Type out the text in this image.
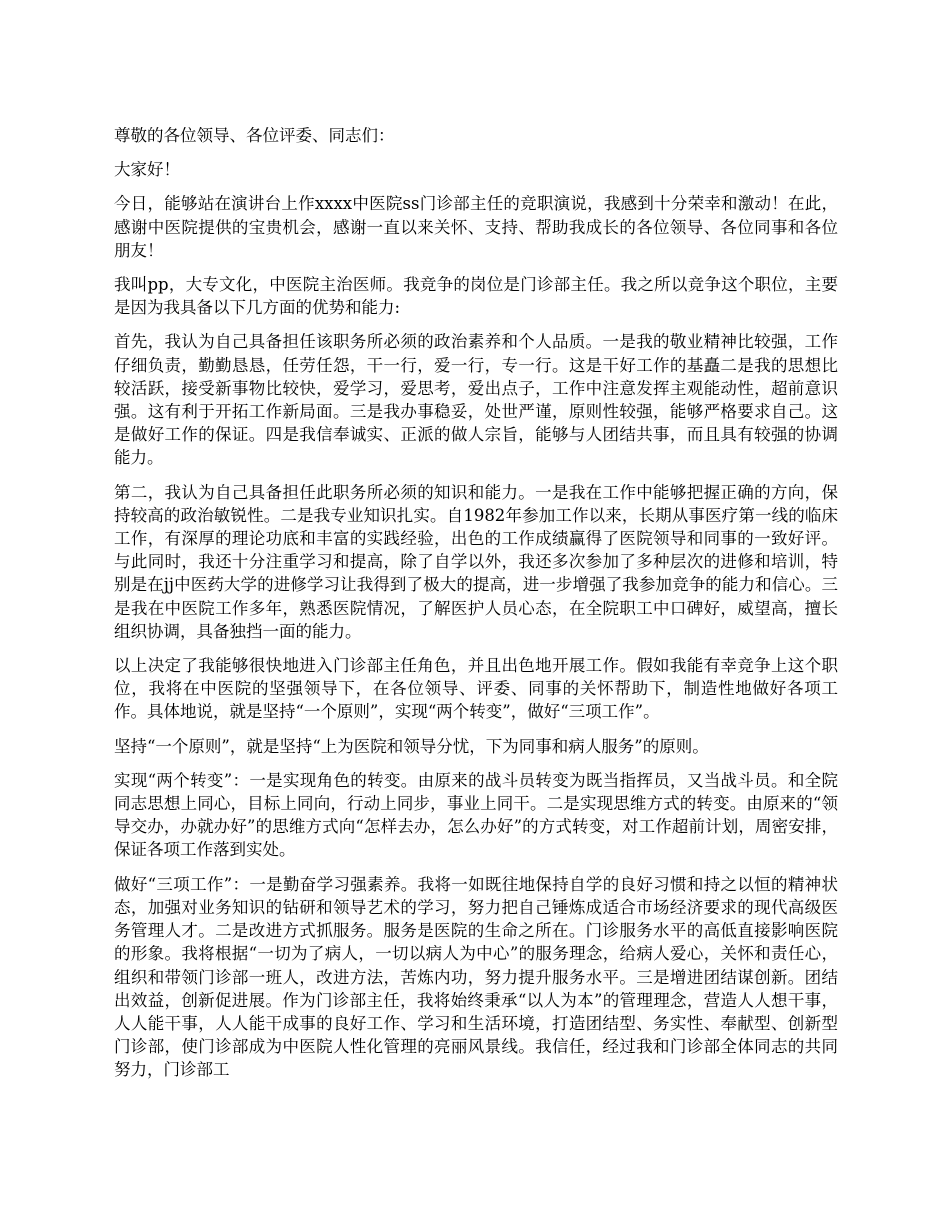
尊敬的各位领导、各位评委、同志们：

大家好！

今日，能够站在演讲台上作xxxx中医院ss门诊部主任的竞职演说，我感到十分荣幸和激动！在此，感谢中医院提供的宝贵机会，感谢一直以来关怀、支持、帮助我成长的各位领导、各位同事和各位朋友！

我叫pp，大专文化，中医院主治医师。我竞争的岗位是门诊部主任。我之所以竞争这个职位，主要是因为我具备以下几方面的优势和能力:

首先，我认为自己具备担任该职务所必须的政治素养和个人品质。一是我的敬业精神比较强，工作仔细负责，勤勤恳恳，任劳任怨，干一行，爱一行，专一行。这是干好工作的基矗二是我的思想比较活跃，接受新事物比较快，爱学习，爱思考，爱出点子，工作中注意发挥主观能动性，超前意识强。这有利于开拓工作新局面。三是我办事稳妥，处世严谨，原则性较强，能够严格要求自己。这是做好工作的保证。四是我信奉诚实、正派的做人宗旨，能够与人团结共事，而且具有较强的协调能力。

第二，我认为自己具备担任此职务所必须的知识和能力。一是我在工作中能够把握正确的方向，保持较高的政治敏锐性。二是我专业知识扎实。自1982年参加工作以来，长期从事医疗第一线的临床工作，有深厚的理论功底和丰富的实践经验，出色的工作成绩赢得了医院领导和同事的一致好评。与此同时，我还十分注重学习和提高，除了自学以外，我还多次参加了多种层次的进修和培训，特别是在jj中医药大学的进修学习让我得到了极大的提高，进一步增强了我参加竞争的能力和信心。三是我在中医院工作多年，熟悉医院情况，了解医护人员心态，在全院职工中口碑好，威望高，擅长组织协调，具备独挡一面的能力。

以上决定了我能够很快地进入门诊部主任角色，并且出色地开展工作。假如我能有幸竞争上这个职位，我将在中医院的坚强领导下，在各位领导、评委、同事的关怀帮助下，制造性地做好各项工作。具体地说，就是坚持“一个原则”，实现“两个转变”，做好“三项工作”。

坚持“一个原则”，就是坚持“上为医院和领导分忧，下为同事和病人服务”的原则。

实现“两个转变”：一是实现角色的转变。由原来的战斗员转变为既当指挥员，又当战斗员。和全院同志思想上同心，目标上同向，行动上同步，事业上同干。二是实现思维方式的转变。由原来的“领导交办，办就办好”的思维方式向“怎样去办，怎么办好”的方式转变，对工作超前计划，周密安排，保证各项工作落到实处。

做好“三项工作”：一是勤奋学习强素养。我将一如既往地保持自学的良好习惯和持之以恒的精神状态，加强对业务知识的钻研和领导艺术的学习，努力把自己锤炼成适合市场经济要求的现代高级医务管理人才。二是改进方式抓服务。服务是医院的生命之所在。门诊服务水平的高低直接影响医院的形象。我将根据“一切为了病人，一切以病人为中心”的服务理念，给病人爱心，关怀和责任心，组织和带领门诊部一班人，改进方法，苦炼内功，努力提升服务水平。三是增进团结谋创新。团结出效益，创新促进展。作为门诊部主任，我将始终秉承“以人为本”的管理理念，营造人人想干事，人人能干事，人人能干成事的良好工作、学习和生活环境，打造团结型、务实性、奉献型、创新型门诊部，使门诊部成为中医院人性化管理的亮丽风景线。我信任，经过我和门诊部全体同志的共同努力，门诊部工
